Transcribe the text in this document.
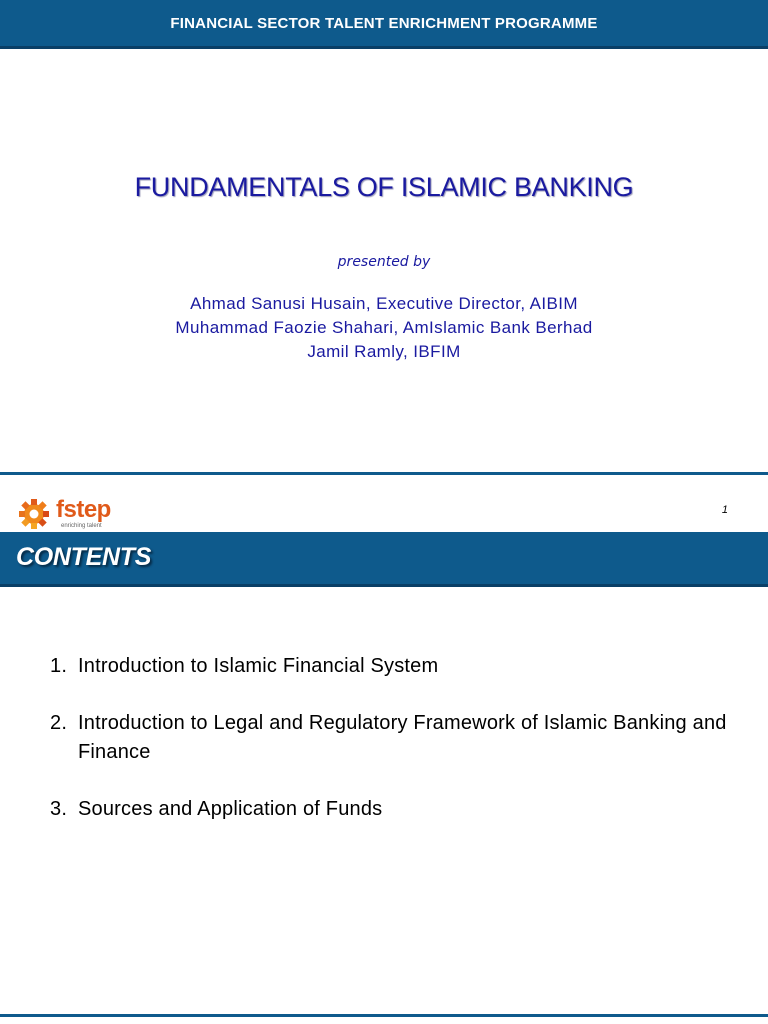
FINANCIAL SECTOR TALENT ENRICHMENT PROGRAMME
FUNDAMENTALS OF ISLAMIC BANKING
presented by
Ahmad Sanusi Husain, Executive Director, AIBIM
Muhammad Faozie Shahari, AmIslamic Bank Berhad
Jamil Ramly, IBFIM
fstep
enriching talent
1
CONTENTS
1. Introduction to Islamic Financial System
2. Introduction to Legal and Regulatory Framework of Islamic Banking and Finance
3. Sources and Application of Funds
